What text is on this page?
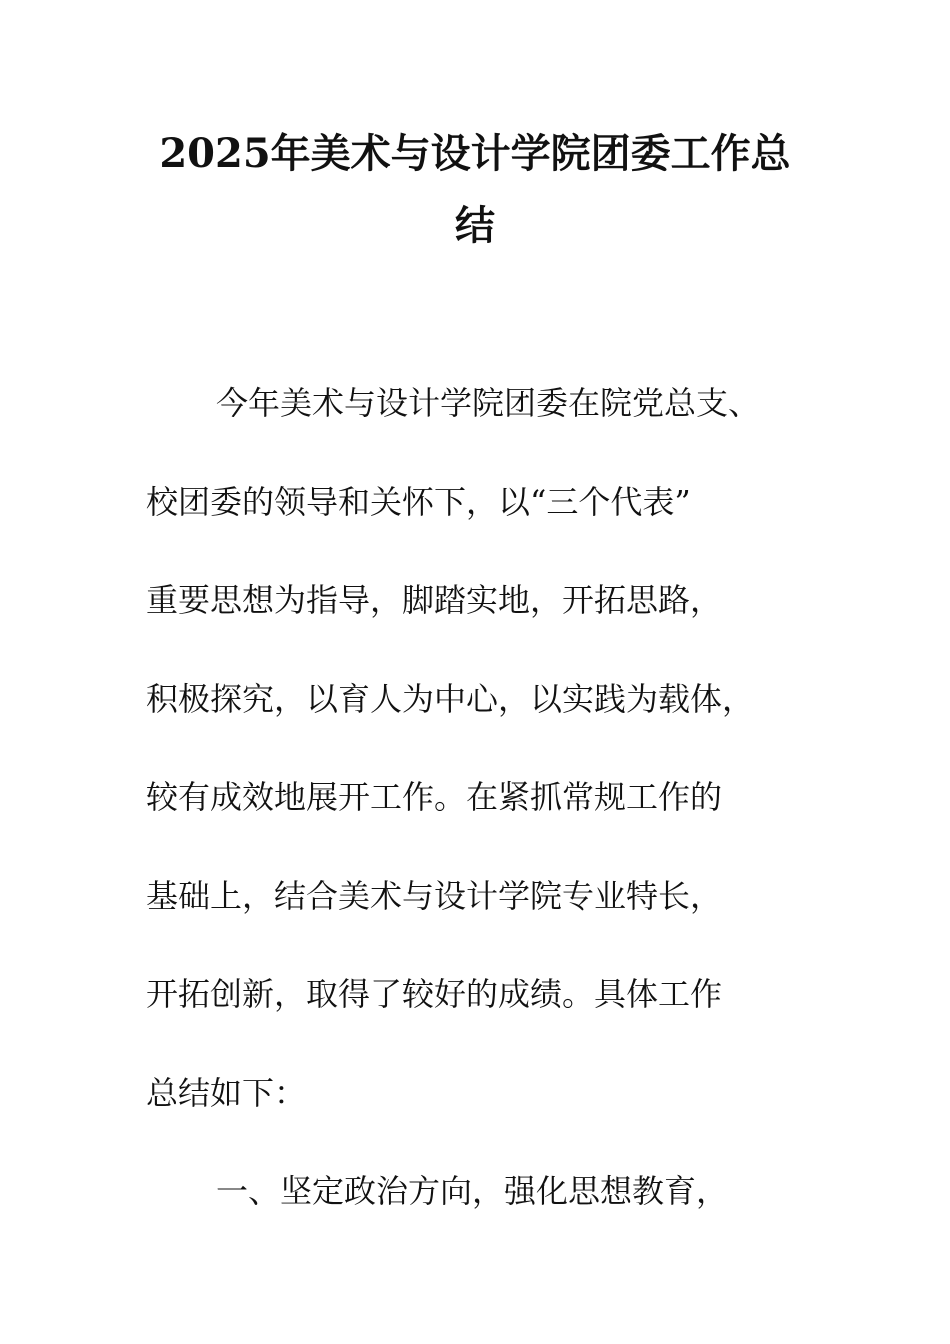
2025年美术与设计学院团委工作总
结
今年美术与设计学院团委在院党总支、
校团委的领导和关怀下，以“三个代表”
重要思想为指导，脚踏实地，开拓思路，
积极探究，以育人为中心，以实践为载体，
较有成效地展开工作。在紧抓常规工作的
基础上，结合美术与设计学院专业特长，
开拓创新，取得了较好的成绩。具体工作
总结如下：
一、坚定政治方向，强化思想教育，
